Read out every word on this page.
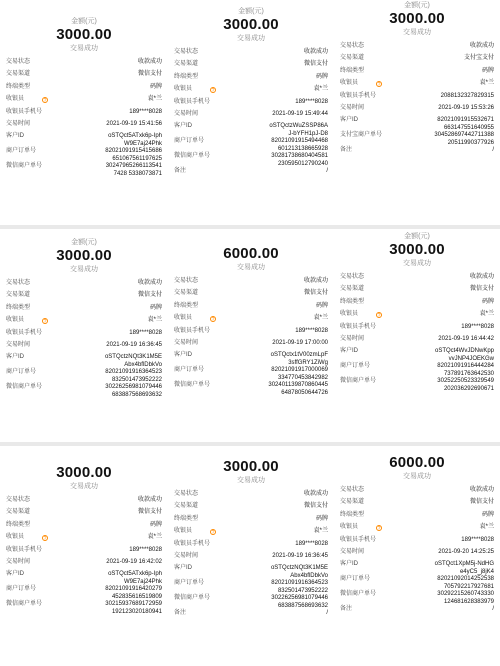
金额(元)
3000.00
交易成功
交易状态	收款成功
交易渠道	微信支付
终端类型	码牌
收银员	?	袁*兰
收银员手机号	189****8028
交易时间	2021-09-19 15:41:56
客户ID	oSTQct5ATxk6p-IphW9E7aj24Phk
商户订单号	82021091915415686651067561197625
微信商户单号	302479652661135417428 5338073871
金额(元)
3000.00
交易成功
交易状态	收款成功
交易渠道	微信支付
终端类型	码牌
收银员	?	袁*兰
收银员手机号	189****8028
交易时间	2021-09-19 16:36:45
客户ID	oSTQctzNQt3K1M5EAbx4bflDbkVo
商户订单号	82021091916364523832501473952222
微信商户单号	30226256981079446683887568693632
3000.00
交易成功
交易状态	收款成功
交易渠道	微信支付
终端类型	码牌
收银员	?	袁*兰
收银员手机号	189****8028
交易时间	2021-09-19 16:42:02
客户ID	oSTQct5ATxk6p-IphW9E7aj24Phk
商户订单号	82021091916420279452835616519809
微信商户单号	30215937689172959192123020180941
金额(元)
3000.00
交易成功
交易状态	收款成功
交易渠道	微信支付
终端类型	码牌
收银员	?	袁*兰
收银员手机号	189****8028
交易时间	2021-09-19 15:49:44
客户ID	oSTQctzWuZSSP86AJ-bYFH1pJ-D8
商户订单号	82021091915494468601213138665928
微信商户单号	30281738680404581230595012790240
备注	/
6000.00
交易成功
交易状态	收款成功
交易渠道	微信支付
终端类型	码牌
收银员	?	袁*兰
收银员手机号	189****8028
交易时间	2021-09-19 17:00:00
客户ID	oSTQctx1tV00zmLpF3sffGRY1ZiWg
商户订单号	82021091917000069334770453842982
微信商户单号	30240113987086044564878050644726
3000.00
交易成功
交易状态	收款成功
交易渠道	微信支付
终端类型	码牌
收银员	?	袁*兰
收银员手机号	189****8028
交易时间	2021-09-19 16:36:45
客户ID	oSTQctzNQt3K1M5EAbx4bflDbkVo
商户订单号	82021091916364523832501473952222
微信商户单号	30226256981079446683887568693632
备注	/
金额(元)
3000.00
交易成功
交易状态	收款成功
交易渠道	支付宝支付
终端类型	码牌
收银员	?	袁*兰
收银员手机号	2088132327829315
交易时间	2021-09-19 15:53:26
客户ID	82021091915532671663147551640955
支付宝商户单号	30452869744271138820511990377926
备注	/
金额(元)
3000.00
交易成功
交易状态	收款成功
交易渠道	微信支付
终端类型	码牌
收银员	?	袁*兰
收银员手机号	189****8028
交易时间	2021-09-19 16:44:42
客户ID	oSTQct4WvJDNwKppvvJNP4JOEKGw
商户订单号	82021091916444284737891763642530
微信商户单号	30252250523329549202036292690671
6000.00
交易成功
交易状态	收款成功
交易渠道	微信支付
终端类型	码牌
收银员	?	袁*兰
收银员手机号	189****8028
交易时间	2021-09-20 14:25:25
客户ID	oSTQct1XpM5j-NdHGe4yC5_j8jK4
商户订单号	82021092014252538705792217927681
微信商户单号	30292215260743330124681628383979
备注	/
